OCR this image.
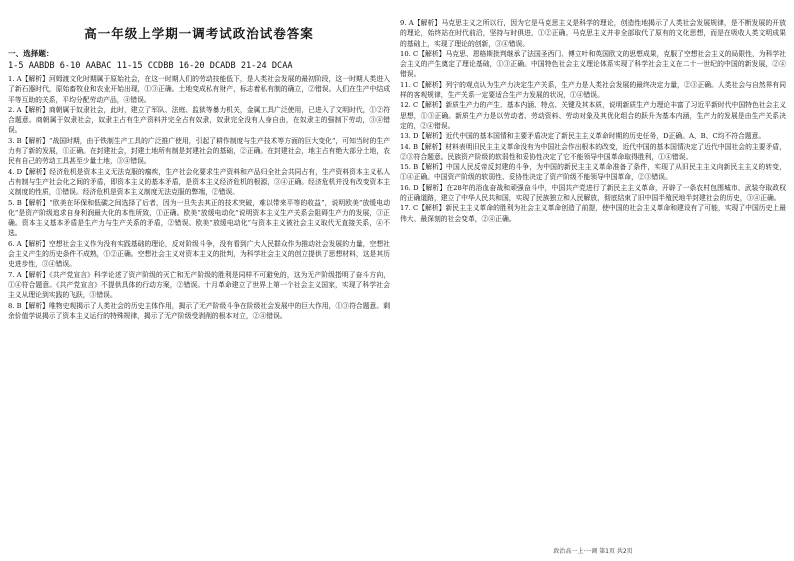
高一年级上学期一调考试政治试卷答案
一、选择题：
1-5 AABDB 6-10 AABAC 11-15 CCDBB 16-20 DCADB 21-24 DCAA

1. A【解析】河姆渡文化时期属于原始社会，在这一时期人们的劳动技能低下，是人类社会发展的最初阶段，这一时期人类进入了新石器时代，原始畜牧业和农业开始出现，①③正确。土地变成私有财产，标志着私有制的确立，②错误。人们在生产中结成平等互助的关系，平均分配劳动产品，④错误。

2. A【解析】商朝属于奴隶社会，此时，建立了军队、法庭、监狱等暴力机关，金属工具广泛使用，已进入了文明时代，①②符合题意。商朝属于奴隶社会，奴隶主占有生产资料并完全占有奴隶，奴隶完全没有人身自由，在奴隶主的强制下劳动，③④错误。

3. B【解析】“战国时期，由于铁制生产工具的广泛推广使用，引起了耕作制度与生产技术等方面的巨大变化”，可知当时的生产力有了新的发展，①正确。在封建社会，封建土地所有制是封建社会的基础，②正确。在封建社会，地主占有绝大部分土地，农民有自己的劳动工具甚至少量土地，③④错误。

4. D【解析】经济危机是资本主义无法克服的痼疾，生产社会化要求生产资料和产品归全社会共同占有，生产资料资本主义私人占有制与生产社会化之间的矛盾，即资本主义的基本矛盾，是资本主义经济危机的根源，③④正确。经济危机并没有改变资本主义制度的性质，①错误。经济危机是资本主义制度无法克服的弊端，②错误。

5. B【解析】“欧美在环保和低碳之间选择了后者，因为一旦失去其正的技术突破，难以带来平等的收益”，说明欧美“放缓电动化”是资产阶级追求自身利润最大化的本性所致，①正确。欧美“放缓电动化”说明资本主义生产关系会阻碍生产力的发展，③正确。资本主义基本矛盾是生产力与生产关系的矛盾，②错误。欧美“放缓电动化”与资本主义被社会主义取代无直接关系，④不选。

6. A【解析】空想社会主义作为没有实践基础的理论，反对阶级斗争，没有看到广大人民群众作为推动社会发展的力量，空想社会主义产生的历史条件不成熟，①②正确。空想社会主义对资本主义的批判，为科学社会主义的创立提供了思想材料，这是其历史进步性，③④错误。

7. A【解析】《共产党宣言》科学论述了资产阶级的灭亡和无产阶级的胜利是同样不可避免的，这为无产阶级指明了奋斗方向，①④符合题意。《共产党宣言》不提供具体的行动方案，②错误。十月革命建立了世界上第一个社会主义国家，实现了科学社会主义从理论到实践的飞跃，③错误。

8. B【解析】唯物史观揭示了人类社会的历史主体作用，揭示了无产阶级斗争在阶级社会发展中的巨大作用，①③符合题意。剩余价值学说揭示了资本主义运行的特殊规律，揭示了无产阶级受剥削的根本对立，②④错误。

9. A【解析】马克思主义之所以行，因为它是马克思主义是科学的理论，创造性地揭示了人类社会发展规律，是不断发展的开放的理论，始终站在时代前沿，坚持与时俱进，①②正确。马克思主义并非全部取代了原有的文化思想，而是在吸收人类文明成果的基础上，实现了理论的创新，③④错误。

10. C【解析】马克思、恩格斯批判继承了法国圣西门、傅立叶和英国欧文的思想成果，克服了空想社会主义的局限性，为科学社会主义的产生奠定了理论基础，①③正确。中国特色社会主义理论体系实现了科学社会主义在二十一世纪的中国的新发展，②④错误。

11. C【解析】列宁的观点认为生产力决定生产关系，生产力是人类社会发展的最终决定力量，②③正确。人类社会与自然界有同样的客观规律，生产关系一定要适合生产力发展的状况，①④错误。

12. C【解析】新质生产力的产生、基本内涵、特点、关键及其本质，说明新质生产力理论丰富了习近平新时代中国特色社会主义思想，①③正确。新质生产力是以劳动者、劳动资料、劳动对象及其优化组合的跃升为基本内涵，生产力的发展是由生产关系决定的，②④错误。

13. D【解析】近代中国的基本国情和主要矛盾决定了新民主主义革命时期的历史任务，D正确。A、B、C均不符合题意。

14. B【解析】材料表明旧民主主义革命没有为中国社会作出根本的改变，近代中国的基本国情决定了近代中国社会的主要矛盾，②③符合题意。民族资产阶级的软弱性和妥协性决定了它不能领导中国革命取得胜利，①④错误。

15. B【解析】中国人民反帝反封建的斗争，为中国的新民主主义革命准备了条件，实现了从旧民主主义向新民主主义的转变，①④正确。中国资产阶级的软弱性、妥协性决定了资产阶级不能领导中国革命，②③错误。

16. D【解析】在28年的浴血奋战和顽强奋斗中，中国共产党进行了新民主主义革命，开辟了一条农村包围城市、武装夺取政权的正确道路，建立了中华人民共和国，实现了民族独立和人民解放，彻底结束了旧中国半殖民地半封建社会的历史，③④正确。

17. C【解析】新民主主义革命的胜利为社会主义革命创造了前提，使中国的社会主义革命和建设有了可能，实现了中国历史上最伟大、最深刻的社会变革，②④正确。

政治高一上·一调 第1页 共2页
